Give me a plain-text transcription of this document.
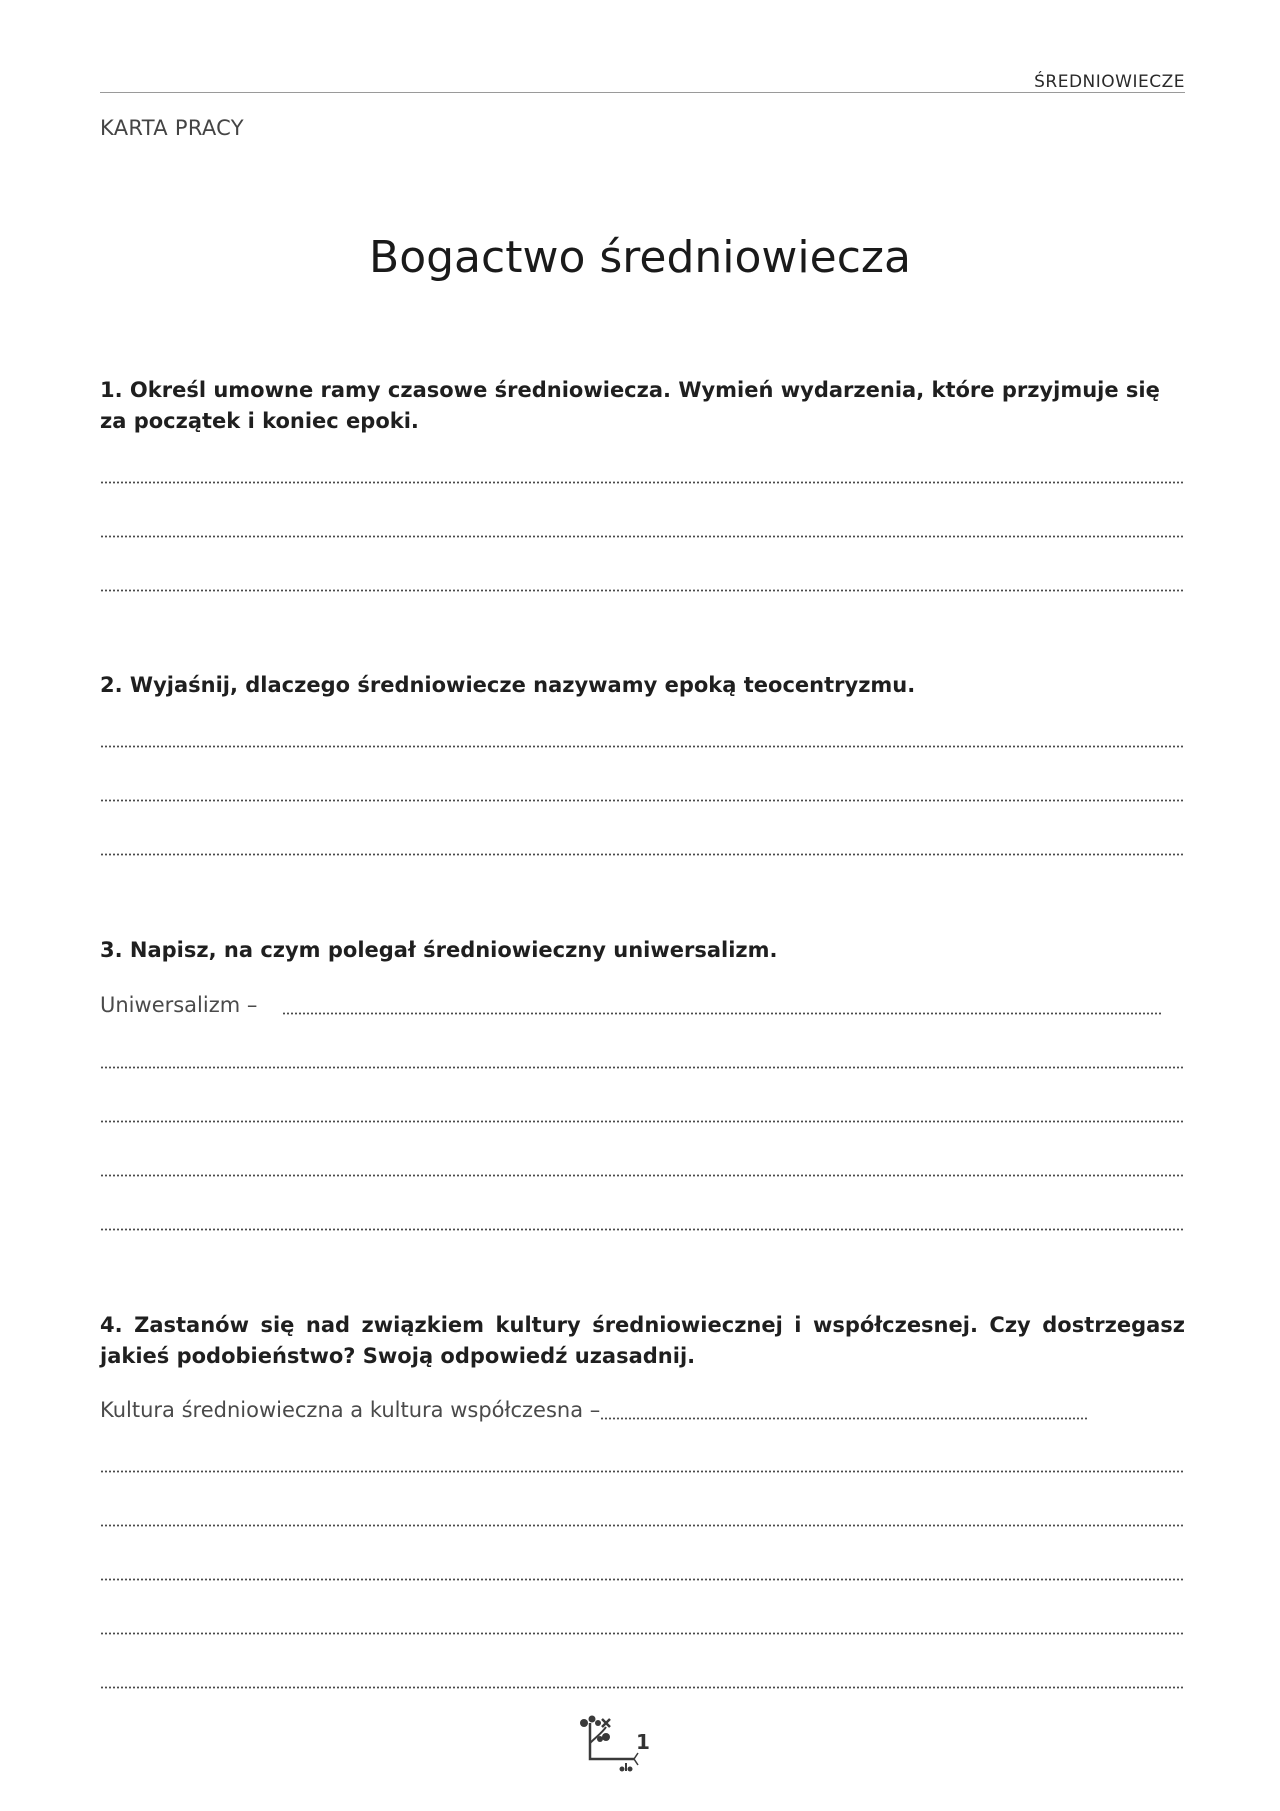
ŚREDNIOWIECZE
KARTA PRACY
Bogactwo średniowiecza
1. Określ umowne ramy czasowe średniowiecza. Wymień wydarzenia, które przyjmuje się za początek i koniec epoki.
2. Wyjaśnij, dlaczego średniowiecze nazywamy epoką teocentryzmu.
3. Napisz, na czym polegał średniowieczny uniwersalizm.
Uniwersalizm –
4. Zastanów się nad związkiem kultury średniowiecznej i współczesnej. Czy dostrzegasz jakieś podobieństwo? Swoją odpowiedź uzasadnij.
Kultura średniowieczna a kultura współczesna –
1
